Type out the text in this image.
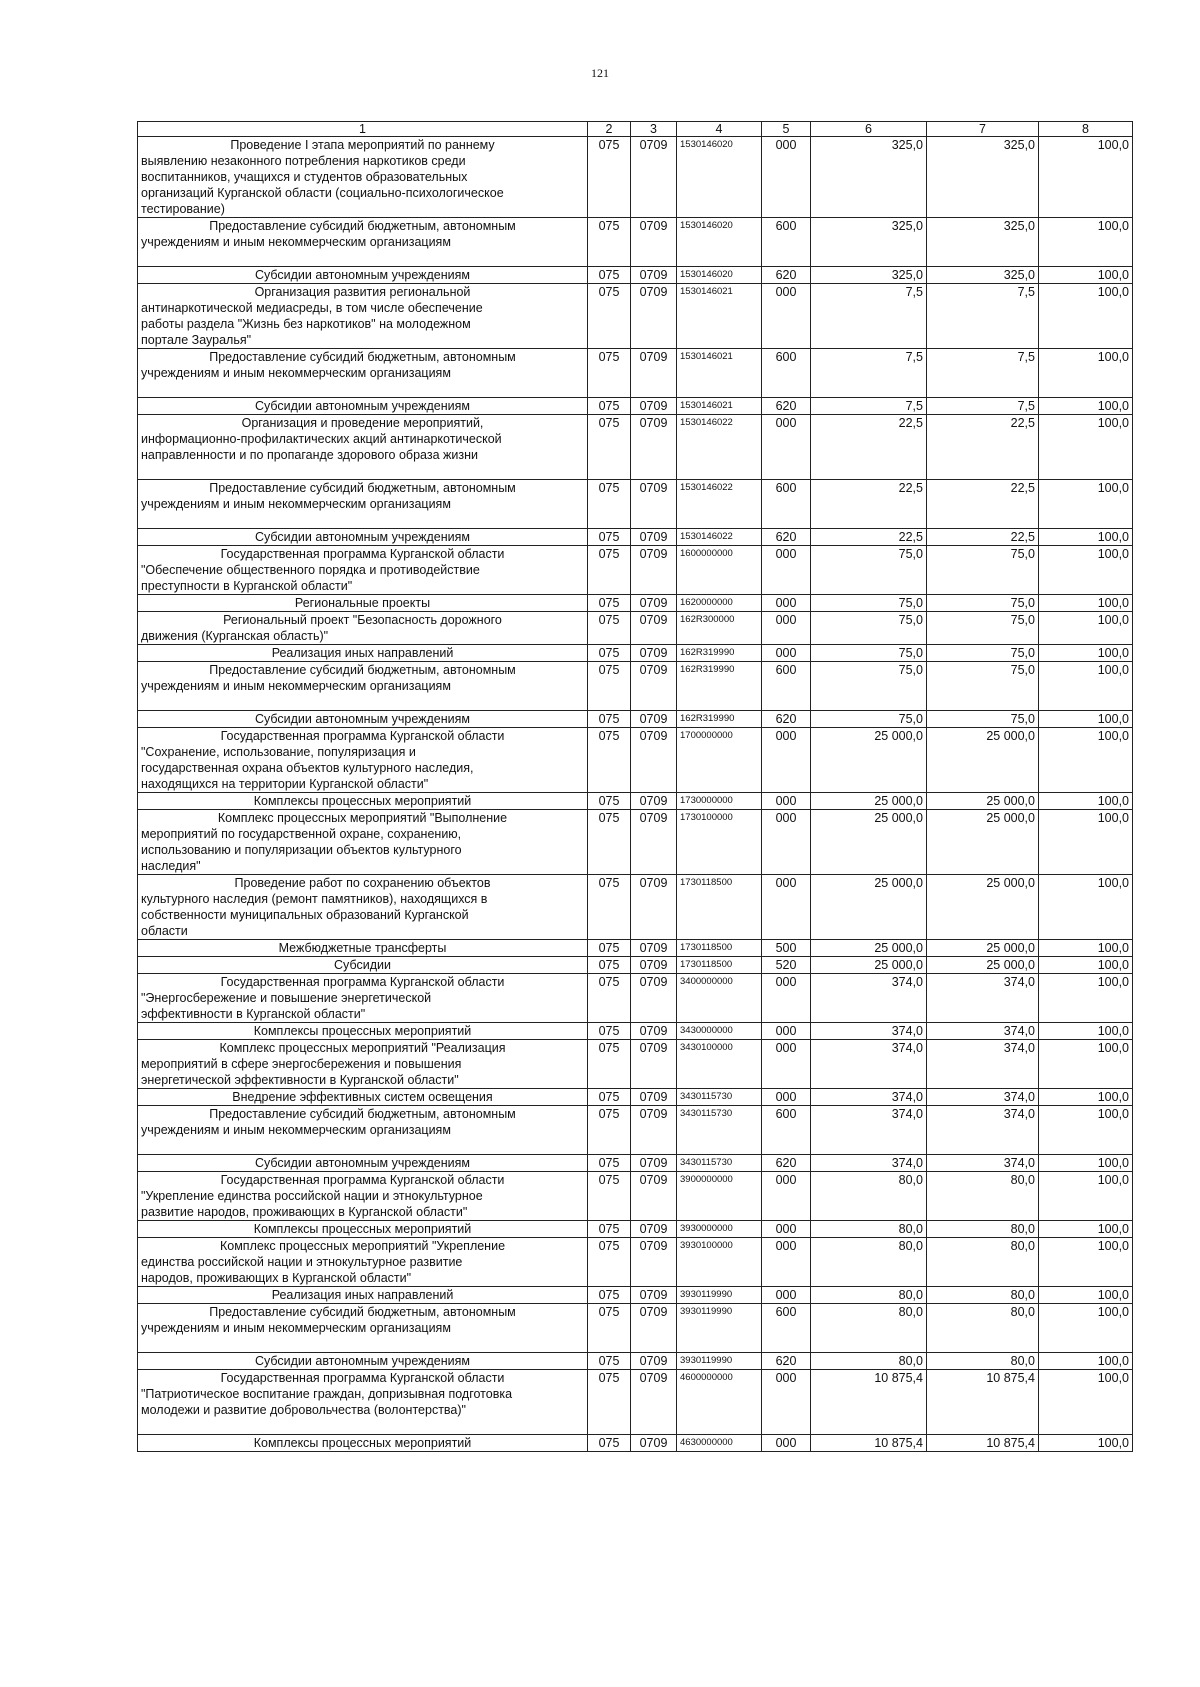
121
1	2	3	4	5	6	7	8

Проведение I этапа мероприятий по раннему
выявлению незаконного потребления наркотиков среди
воспитанников, учащихся и студентов образовательных
организаций Курганской области (социально-психологическое
тестирование)	075	0709	1530146020	000	325,0	325,0	100,0

Предоставление субсидий бюджетным, автономным
учреждениям и иным некоммерческим организациям	075	0709	1530146020	600	325,0	325,0	100,0

Субсидии автономным учреждениям	075	0709	1530146020	620	325,0	325,0	100,0

Организация развития региональной
антинаркотической медиасреды, в том числе обеспечение
работы раздела "Жизнь без наркотиков" на молодежном
портале Зауралья"	075	0709	1530146021	000	7,5	7,5	100,0

Предоставление субсидий бюджетным, автономным
учреждениям и иным некоммерческим организациям	075	0709	1530146021	600	7,5	7,5	100,0

Субсидии автономным учреждениям	075	0709	1530146021	620	7,5	7,5	100,0

Организация и проведение мероприятий,
информационно-профилактических акций антинаркотической
направленности и по пропаганде здорового образа жизни	075	0709	1530146022	000	22,5	22,5	100,0

Предоставление субсидий бюджетным, автономным
учреждениям и иным некоммерческим организациям	075	0709	1530146022	600	22,5	22,5	100,0

Субсидии автономным учреждениям	075	0709	1530146022	620	22,5	22,5	100,0

Государственная программа Курганской области
"Обеспечение общественного порядка и противодействие
преступности в Курганской области"	075	0709	1600000000	000	75,0	75,0	100,0

Региональные проекты	075	0709	1620000000	000	75,0	75,0	100,0

Региональный проект "Безопасность дорожного
движения (Курганская область)"	075	0709	162R300000	000	75,0	75,0	100,0

Реализация иных направлений	075	0709	162R319990	000	75,0	75,0	100,0

Предоставление субсидий бюджетным, автономным
учреждениям и иным некоммерческим организациям	075	0709	162R319990	600	75,0	75,0	100,0

Субсидии автономным учреждениям	075	0709	162R319990	620	75,0	75,0	100,0

Государственная программа Курганской области
"Сохранение, использование, популяризация и
государственная охрана объектов культурного наследия,
находящихся на территории Курганской области"	075	0709	1700000000	000	25 000,0	25 000,0	100,0

Комплексы процессных мероприятий	075	0709	1730000000	000	25 000,0	25 000,0	100,0

Комплекс процессных мероприятий "Выполнение
мероприятий по государственной охране, сохранению,
использованию и популяризации объектов культурного
наследия"	075	0709	1730100000	000	25 000,0	25 000,0	100,0

Проведение работ по сохранению объектов
культурного наследия (ремонт памятников), находящихся в
собственности муниципальных образований Курганской
области	075	0709	1730118500	000	25 000,0	25 000,0	100,0

Межбюджетные трансферты	075	0709	1730118500	500	25 000,0	25 000,0	100,0

Субсидии	075	0709	1730118500	520	25 000,0	25 000,0	100,0

Государственная программа Курганской области
"Энергосбережение и повышение энергетической
эффективности в Курганской области"	075	0709	3400000000	000	374,0	374,0	100,0

Комплексы процессных мероприятий	075	0709	3430000000	000	374,0	374,0	100,0

Комплекс процессных мероприятий "Реализация
мероприятий в сфере энергосбережения и повышения
энергетической эффективности в Курганской области"	075	0709	3430100000	000	374,0	374,0	100,0

Внедрение эффективных систем освещения	075	0709	3430115730	000	374,0	374,0	100,0

Предоставление субсидий бюджетным, автономным
учреждениям и иным некоммерческим организациям	075	0709	3430115730	600	374,0	374,0	100,0

Субсидии автономным учреждениям	075	0709	3430115730	620	374,0	374,0	100,0

Государственная программа Курганской области
"Укрепление единства российской нации и этнокультурное
развитие народов, проживающих в Курганской области"	075	0709	3900000000	000	80,0	80,0	100,0

Комплексы процессных мероприятий	075	0709	3930000000	000	80,0	80,0	100,0

Комплекс процессных мероприятий "Укрепление
единства российской нации и этнокультурное развитие
народов, проживающих в Курганской области"	075	0709	3930100000	000	80,0	80,0	100,0

Реализация иных направлений	075	0709	3930119990	000	80,0	80,0	100,0

Предоставление субсидий бюджетным, автономным
учреждениям и иным некоммерческим организациям	075	0709	3930119990	600	80,0	80,0	100,0

Субсидии автономным учреждениям	075	0709	3930119990	620	80,0	80,0	100,0

Государственная программа Курганской области
"Патриотическое воспитание граждан, допризывная подготовка
молодежи и развитие добровольчества (волонтерства)"	075	0709	4600000000	000	10 875,4	10 875,4	100,0

Комплексы процессных мероприятий	075	0709	4630000000	000	10 875,4	10 875,4	100,0
